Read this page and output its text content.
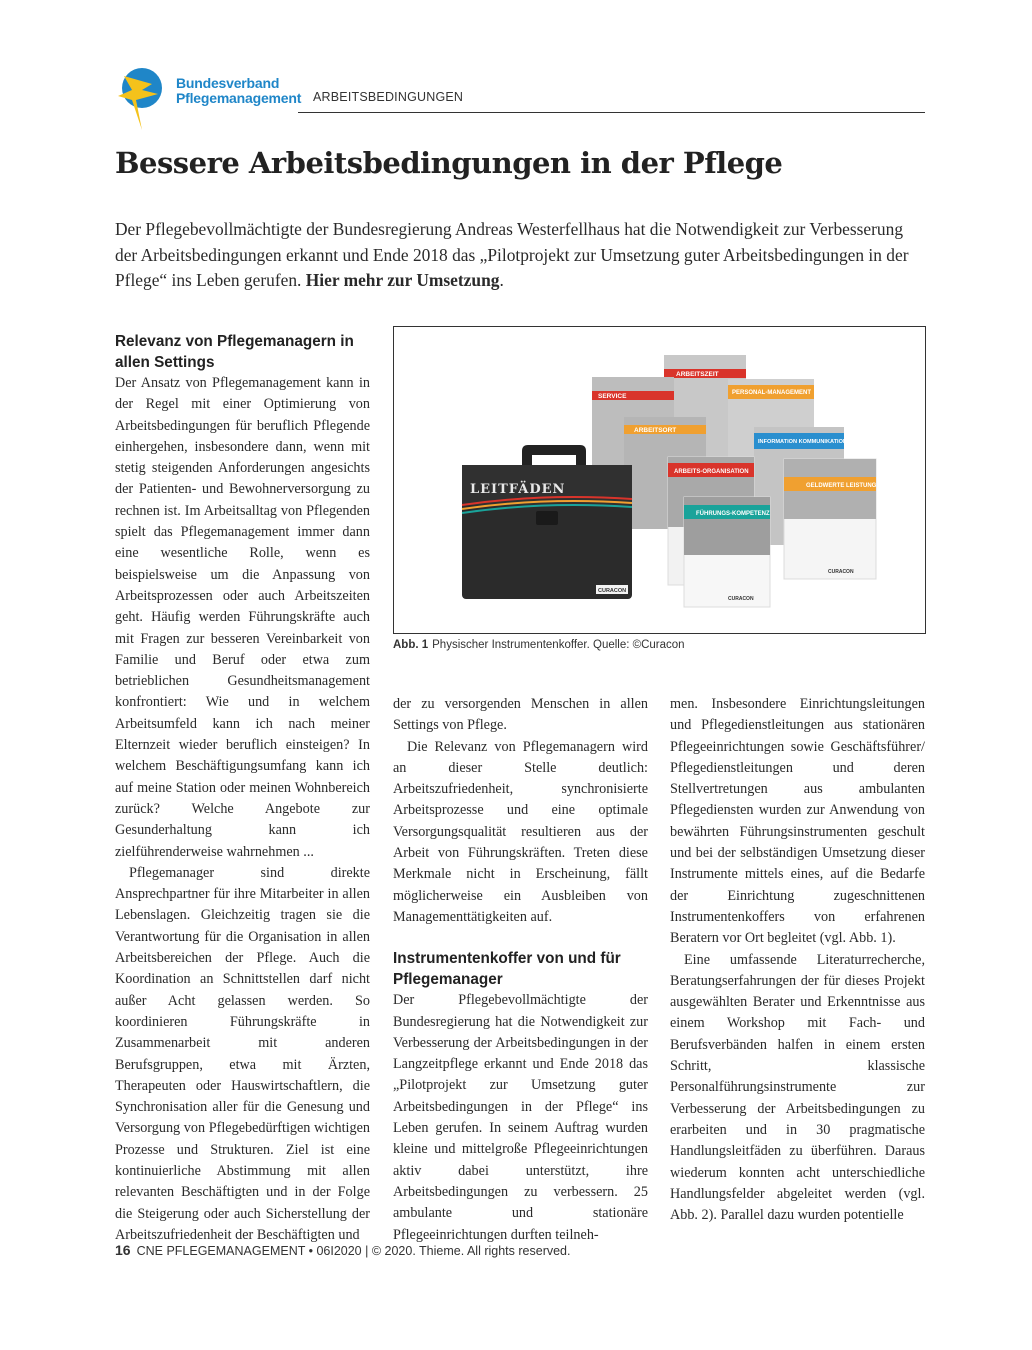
Bundesverband
Pflegemanagement ARBEITSBEDINGUNGEN
Bessere Arbeitsbedingungen in der Pflege

Der Pflegebevollmächtigte der Bundesregierung Andreas Westerfellhaus hat die Notwendigkeit zur Verbesserung der Arbeitsbedingungen erkannt und Ende 2018 das „Pilotprojekt zur Umsetzung guter Arbeitsbedingungen in der Pflege“ ins Leben gerufen. Hier mehr zur Umsetzung.

Relevanz von Pflegemanagern in allen Settings

Der Ansatz von Pflegemanagement kann in der Regel mit einer Optimierung von Arbeitsbedingungen für beruflich Pflegende einhergehen, insbesondere dann, wenn mit stetig steigenden Anforderungen angesichts der Patienten- und Bewohnerversorgung zu rechnen ist. Im Arbeitsalltag von Pflegenden spielt das Pflegemanagement immer dann eine wesentliche Rolle, wenn es beispielsweise um die Anpassung von Arbeitsprozessen oder auch Arbeitszeiten geht. Häufig werden Führungskräfte auch mit Fragen zur besseren Vereinbarkeit von Familie und Beruf oder etwa zum betrieblichen Gesundheitsmanagement konfrontiert: Wie und in welchem Arbeitsumfeld kann ich nach meiner Elternzeit wieder beruflich einsteigen? In welchem Beschäftigungsumfang kann ich auf meine Station oder meinen Wohnbereich zurück? Welche Angebote zur Gesunderhaltung kann ich zielführenderweise wahrnehmen ...

Pflegemanager sind direkte Ansprechpartner für ihre Mitarbeiter in allen Lebenslagen. Gleichzeitig tragen sie die Verantwortung für die Organisation in allen Arbeitsbereichen der Pflege. Auch die Koordination an Schnittstellen darf nicht außer Acht gelassen werden. So koordinieren Führungskräfte in Zusammenarbeit mit anderen Berufsgruppen, etwa mit Ärzten, Therapeuten oder Hauswirtschaftlern, die Synchronisation aller für die Genesung und Versorgung von Pflegebedürftigen wichtigen Prozesse und Strukturen. Ziel ist eine kontinuierliche Abstimmung mit allen relevanten Beschäftigten und in der Folge die Steigerung oder auch Sicherstellung der Arbeitszufriedenheit der Beschäftigten und

ARBEITSZEIT
SERVICE	PERSONAL-MANAGEMENT
ARBEITSORT
INFORMATION KOMMUNIKATION
ARBEITS-ORGANISATION
GELDWERTE LEISTUNGEN
CURACON
FÜHRUNGS-KOMPETENZ
CURACON
LEITFÄDEN
CURACON
Abb. 1 Physischer Instrumentenkoffer. Quelle: ©Curacon

der zu versorgenden Menschen in allen Settings von Pflege.

Die Relevanz von Pflegemanagern wird an dieser Stelle deutlich: Arbeitszufriedenheit, synchronisierte Arbeitsprozesse und eine optimale Versorgungsqualität resultieren aus der Arbeit von Führungskräften. Treten diese Merkmale nicht in Erscheinung, fällt möglicherweise ein Ausbleiben von Managementtätigkeiten auf.

Instrumentenkoffer von und für Pflegemanager

Der Pflegebevollmächtigte der Bundesregierung hat die Notwendigkeit zur Verbesserung der Arbeitsbedingungen in der Langzeitpflege erkannt und Ende 2018 das „Pilotprojekt zur Umsetzung guter Arbeitsbedingungen in der Pflege“ ins Leben gerufen. In seinem Auftrag wurden kleine und mittelgroße Pflegeeinrichtungen aktiv dabei unterstützt, ihre Arbeitsbedingungen zu verbessern. 25 ambulante und stationäre Pflegeeinrichtungen durften teilneh-

men. Insbesondere Einrichtungsleitungen und Pflegedienstleitungen aus stationären Pflegeeinrichtungen sowie Geschäftsführer/ Pflegedienstleitungen und deren Stellvertretungen aus ambulanten Pflegediensten wurden zur Anwendung von bewährten Führungsinstrumenten geschult und bei der selbständigen Umsetzung dieser Instrumente mittels eines, auf die Bedarfe der Einrichtung zugeschnittenen Instrumentenkoffers von erfahrenen Beratern vor Ort begleitet (vgl. Abb. 1).

Eine umfassende Literaturrecherche, Beratungserfahrungen der für dieses Projekt ausgewählten Berater und Erkenntnisse aus einem Workshop mit Fach- und Berufsverbänden halfen in einem ersten Schritt, klassische Personalführungsinstrumente zur Verbesserung der Arbeitsbedingungen zu erarbeiten und in 30 pragmatische Handlungsleitfäden zu überführen. Daraus wiederum konnten acht unterschiedliche Handlungsfelder abgeleitet werden (vgl. Abb. 2). Parallel dazu wurden potentielle

16 CNE PFLEGEMANAGEMENT • 06I2020 | © 2020. Thieme. All rights reserved.
